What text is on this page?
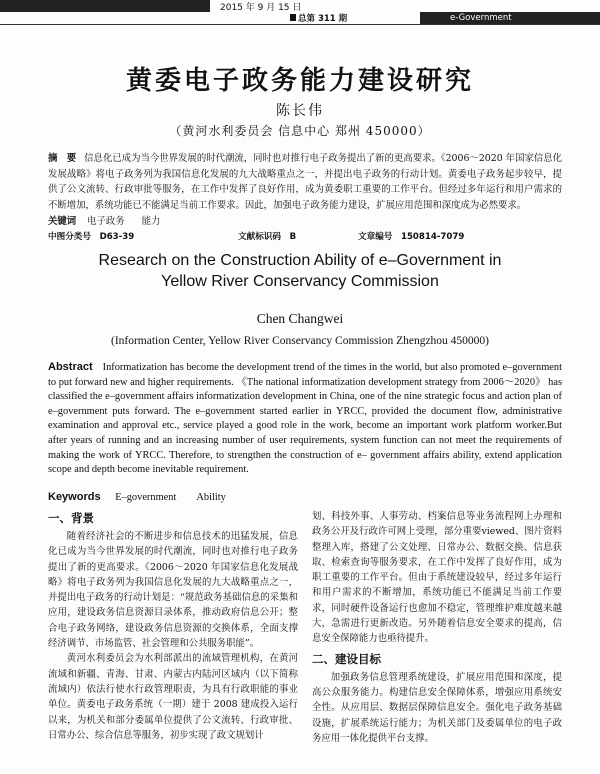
2015 年 9 月 15 日
总第 311 期	e-Government
黄委电子政务能力建设研究
陈长伟
（黄河水利委员会 信息中心 郑州 450000）
摘　要 信息化已成为当今世界发展的时代潮流，同时也对推行电子政务提出了新的更高要求。《2006～2020 年国家信息化发展战略》将电子政务列为我国信息化发展的九大战略重点之一，并提出电子政务的行动计划。黄委电子政务起步较早，提供了公文流转、行政审批等服务，在工作中发挥了良好作用，成为黄委职工重要的工作平台。但经过多年运行和用户需求的不断增加，系统功能已不能满足当前工作要求。因此，加强电子政务能力建设，扩展应用范围和深度成为必然要求。
关键词 电子政务 能力
中图分类号　D63-39	文献标识码　B	文章编号　150814-7079
Research on the Construction Ability of e–Government in
Yellow River Conservancy Commission
Chen Changwei
(Information Center, Yellow River Conservancy Commission Zhengzhou 450000)
Abstract Informatization has become the development trend of the times in the world, but also promoted e–government to put forward new and higher requirements. 《The national informatization development strategy from 2006～2020》 has classified the e–government affairs informatization development in China, one of the nine strategic focus and action plan of e–government puts forward. The e–government started earlier in YRCC, provided the document flow, administrative examination and approval etc., service played a good role in the work, become an important work platform worker.But after years of running and an increasing number of user requirements, system function can not meet the requirements of making the work of YRCC. Therefore, to strengthen the construction of e– government affairs ability, extend application scope and depth become inevitable requirement.
Keywords E–government Ability
一、背景

随着经济社会的不断进步和信息技术的迅猛发展，信息化已成为当今世界发展的时代潮流，同时也对推行电子政务提出了新的更高要求。《2006～2020 年国家信息化发展战略》将电子政务列为我国信息化发展的九大战略重点之一，并提出电子政务的行动计划是：“规范政务基础信息的采集和应用，建设政务信息资源目录体系，推动政府信息公开；整合电子政务网络，建设政务信息资源的交换体系，全面支撑经济调节、市场监管、社会管理和公共服务职能”。

黄河水利委员会为水利部派出的流域管理机构，在黄河流域和新疆、青海、甘肃、内蒙古内陆河区域内（以下简称流域内）依法行使水行政管理职责，为具有行政职能的事业单位。黄委电子政务系统（一期）建于 2008 建成投入运行以来，为机关和部分委属单位提供了公文流转、行政审批、日常办公、综合信息等服务，初步实现了政文规划计

划、科技外事、人事劳动、档案信息等业务流程网上办理和政务公开及行政许可网上受理，部分重要viewed、图片资料整理入库，搭建了公文处理、日常办公、数据交换、信息获取、检索查询等服务要求，在工作中发挥了良好作用，成为职工重要的工作平台。但由于系统建设较早，经过多年运行和用户需求的不断增加，系统功能已不能满足当前工作要求，同时硬件设备运行也愈加不稳定，管理维护难度越来越大，急需进行更新改造。另外随着信息安全要求的提高，信息安全保障能力也亟待提升。

二、建设目标

加强政务信息管理系统建设，扩展应用范围和深度，提高公众服务能力。构建信息安全保障体系，增强应用系统安全性。从应用层、数据层保障信息安全。强化电子政务基础设施，扩展系统运行能力；为机关部门及委属单位的电子政务应用一体化提供平台支撑。
